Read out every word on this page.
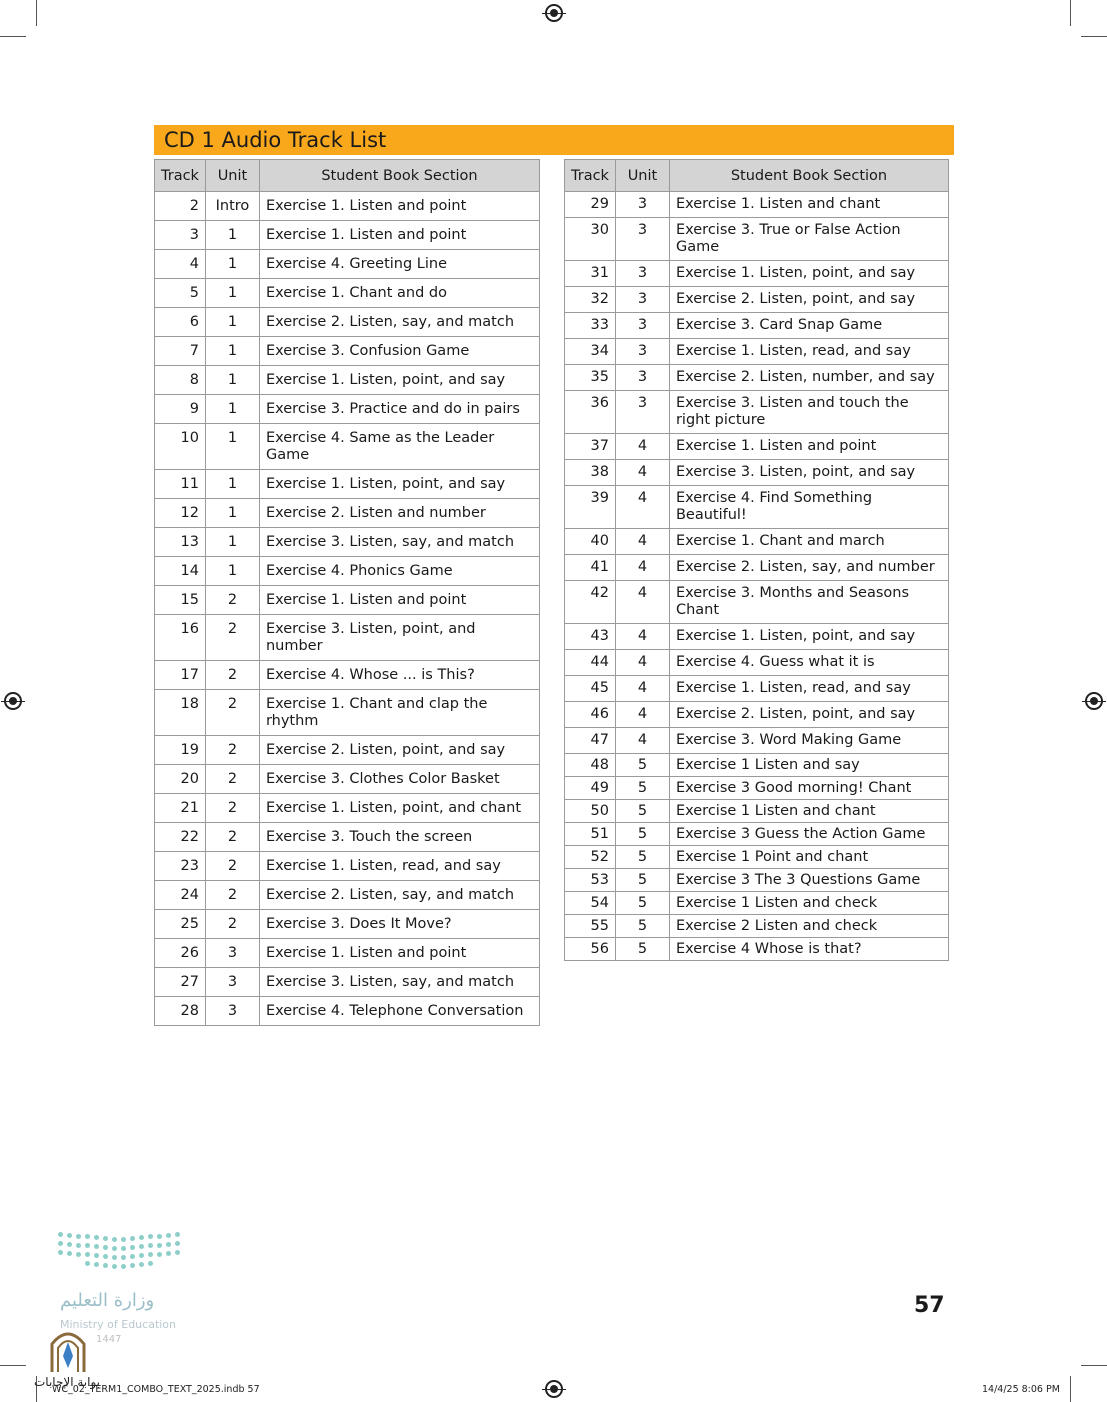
CD 1 Audio Track List
Track	Unit	Student Book Section
2	Intro	Exercise 1. Listen and point
3	1	Exercise 1. Listen and point
4	1	Exercise 4. Greeting Line
5	1	Exercise 1. Chant and do
6	1	Exercise 2. Listen, say, and match
7	1	Exercise 3. Confusion Game
8	1	Exercise 1. Listen, point, and say
9	1	Exercise 3. Practice and do in pairs
10	1	Exercise 4. Same as the Leader Game
11	1	Exercise 1. Listen, point, and say
12	1	Exercise 2. Listen and number
13	1	Exercise 3. Listen, say, and match
14	1	Exercise 4. Phonics Game
15	2	Exercise 1. Listen and point
16	2	Exercise 3. Listen, point, and number
17	2	Exercise 4. Whose ... is This?
18	2	Exercise 1. Chant and clap the rhythm
19	2	Exercise 2. Listen, point, and say
20	2	Exercise 3. Clothes Color Basket
21	2	Exercise 1. Listen, point, and chant
22	2	Exercise 3. Touch the screen
23	2	Exercise 1. Listen, read, and say
24	2	Exercise 2. Listen, say, and match
25	2	Exercise 3. Does It Move?
26	3	Exercise 1. Listen and point
27	3	Exercise 3. Listen, say, and match
28	3	Exercise 4. Telephone Conversation
Track	Unit	Student Book Section
29	3	Exercise 1. Listen and chant
30	3	Exercise 3. True or False Action Game
31	3	Exercise 1. Listen, point, and say
32	3	Exercise 2. Listen, point, and say
33	3	Exercise 3. Card Snap Game
34	3	Exercise 1. Listen, read, and say
35	3	Exercise 2. Listen, number, and say
36	3	Exercise 3. Listen and touch the right picture
37	4	Exercise 1. Listen and point
38	4	Exercise 3. Listen, point, and say
39	4	Exercise 4. Find Something Beautiful!
40	4	Exercise 1. Chant and march
41	4	Exercise 2. Listen, say, and number
42	4	Exercise 3. Months and Seasons Chant
43	4	Exercise 1. Listen, point, and say
44	4	Exercise 4. Guess what it is
45	4	Exercise 1. Listen, read, and say
46	4	Exercise 2. Listen, point, and say
47	4	Exercise 3. Word Making Game
48	5	Exercise 1 Listen and say
49	5	Exercise 3 Good morning! Chant
50	5	Exercise 1 Listen and chant
51	5	Exercise 3 Guess the Action Game
52	5	Exercise 1 Point and chant
53	5	Exercise 3 The 3 Questions Game
54	5	Exercise 1 Listen and check
55	5	Exercise 2 Listen and check
56	5	Exercise 4 Whose is that?
57
وزارة التعليم
Ministry of Education
1447
بوابة الإجابات
WC_02_TERM1_COMBO_TEXT_2025.indb 57	14/4/25 8:06 PM
